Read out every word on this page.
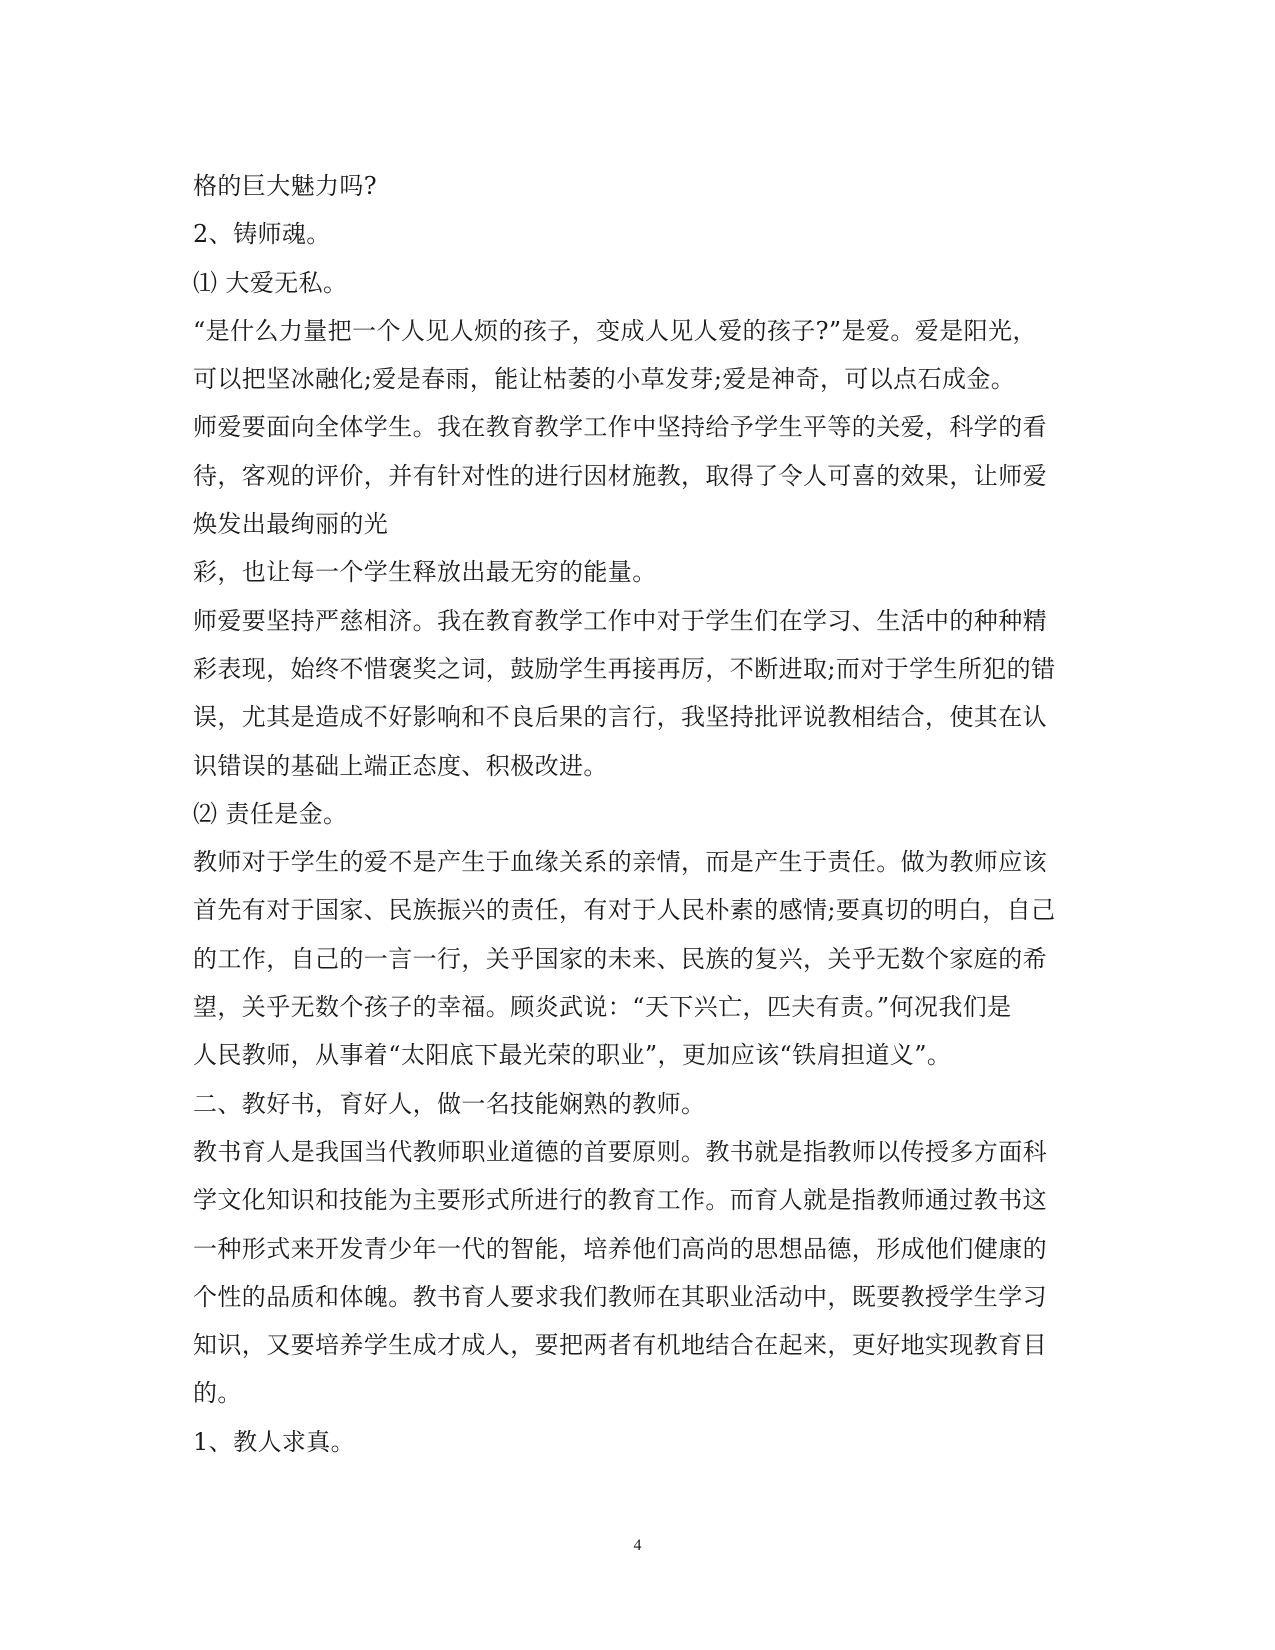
格的巨大魅力吗?
2、铸师魂。
⑴ 大爱无私。
“是什么力量把一个人见人烦的孩子，变成人见人爱的孩子?”是爱。爱是阳光，
可以把坚冰融化;爱是春雨，能让枯萎的小草发芽;爱是神奇，可以点石成金。
师爱要面向全体学生。我在教育教学工作中坚持给予学生平等的关爱，科学的看
待，客观的评价，并有针对性的进行因材施教，取得了令人可喜的效果，让师爱
焕发出最绚丽的光
彩，也让每一个学生释放出最无穷的能量。
师爱要坚持严慈相济。我在教育教学工作中对于学生们在学习、生活中的种种精
彩表现，始终不惜褒奖之词，鼓励学生再接再厉，不断进取;而对于学生所犯的错
误，尤其是造成不好影响和不良后果的言行，我坚持批评说教相结合，使其在认
识错误的基础上端正态度、积极改进。
⑵ 责任是金。
教师对于学生的爱不是产生于血缘关系的亲情，而是产生于责任。做为教师应该
首先有对于国家、民族振兴的责任，有对于人民朴素的感情;要真切的明白，自己
的工作，自己的一言一行，关乎国家的未来、民族的复兴，关乎无数个家庭的希
望，关乎无数个孩子的幸福。顾炎武说：“天下兴亡，匹夫有责。”何况我们是
人民教师，从事着“太阳底下最光荣的职业”，更加应该“铁肩担道义”。
二、教好书，育好人，做一名技能娴熟的教师。
教书育人是我国当代教师职业道德的首要原则。教书就是指教师以传授多方面科
学文化知识和技能为主要形式所进行的教育工作。而育人就是指教师通过教书这
一种形式来开发青少年一代的智能，培养他们高尚的思想品德，形成他们健康的
个性的品质和体魄。教书育人要求我们教师在其职业活动中，既要教授学生学习
知识，又要培养学生成才成人，要把两者有机地结合在起来，更好地实现教育目
的。
1、教人求真。
4
